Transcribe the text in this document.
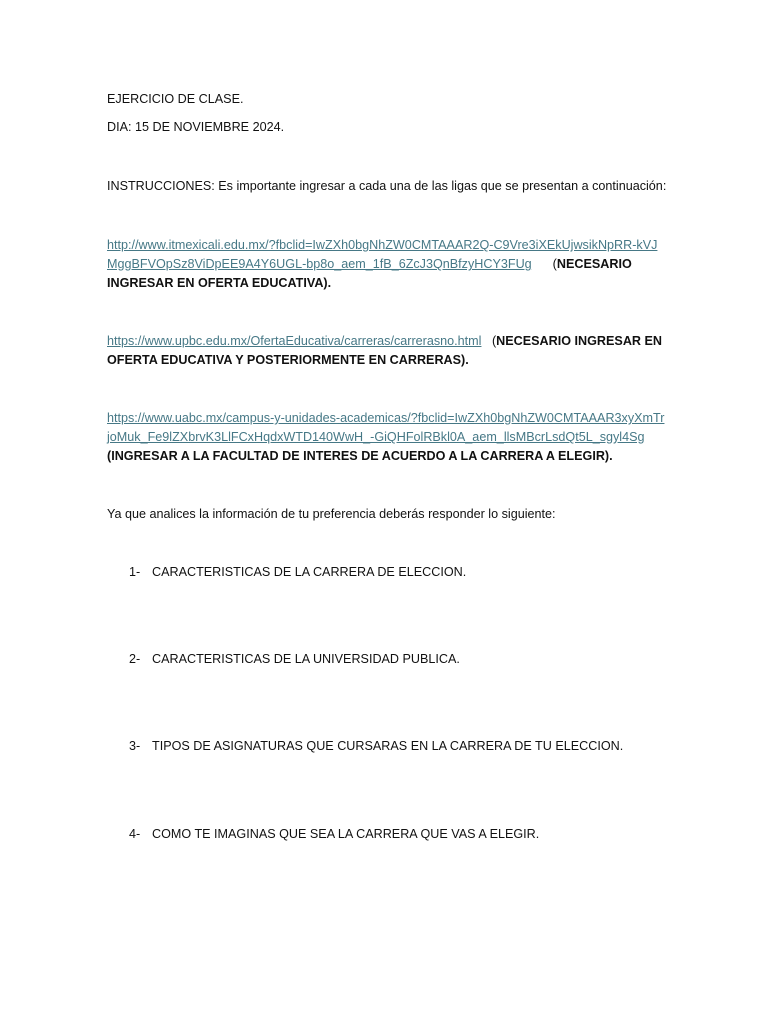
EJERCICIO DE CLASE.

DIA: 15 DE NOVIEMBRE 2024.

INSTRUCCIONES: Es importante ingresar a cada una de las ligas que se presentan a continuación:

http://www.itmexicali.edu.mx/?fbclid=IwZXh0bgNhZW0CMTAAAR2Q-C9Vre3iXEkUjwsikNpRR-kVJMggBFVOpSz8ViDpEE9A4Y6UGL-bp8o_aem_1fB_6ZcJ3QnBfzyHCY3FUg (NECESARIO INGRESAR EN OFERTA EDUCATIVA).

https://www.upbc.edu.mx/OfertaEducativa/carreras/carrerasno.html (NECESARIO INGRESAR EN OFERTA EDUCATIVA Y POSTERIORMENTE EN CARRERAS).

https://www.uabc.mx/campus-y-unidades-academicas/?fbclid=IwZXh0bgNhZW0CMTAAAR3xyXmTrjoMuk_Fe9lZXbrvK3LlFCxHqdxWTD140WwH_-GiQHFolRBkl0A_aem_llsMBcrLsdQt5L_sgyl4Sg (INGRESAR A LA FACULTAD DE INTERES DE ACUERDO A LA CARRERA A ELEGIR).

Ya que analices la información de tu preferencia deberás responder lo siguiente:

1- CARACTERISTICAS DE LA CARRERA DE ELECCION.
2- CARACTERISTICAS DE LA UNIVERSIDAD PUBLICA.
3- TIPOS DE ASIGNATURAS QUE CURSARAS EN LA CARRERA DE TU ELECCION.
4- COMO TE IMAGINAS QUE SEA LA CARRERA QUE VAS A ELEGIR.
